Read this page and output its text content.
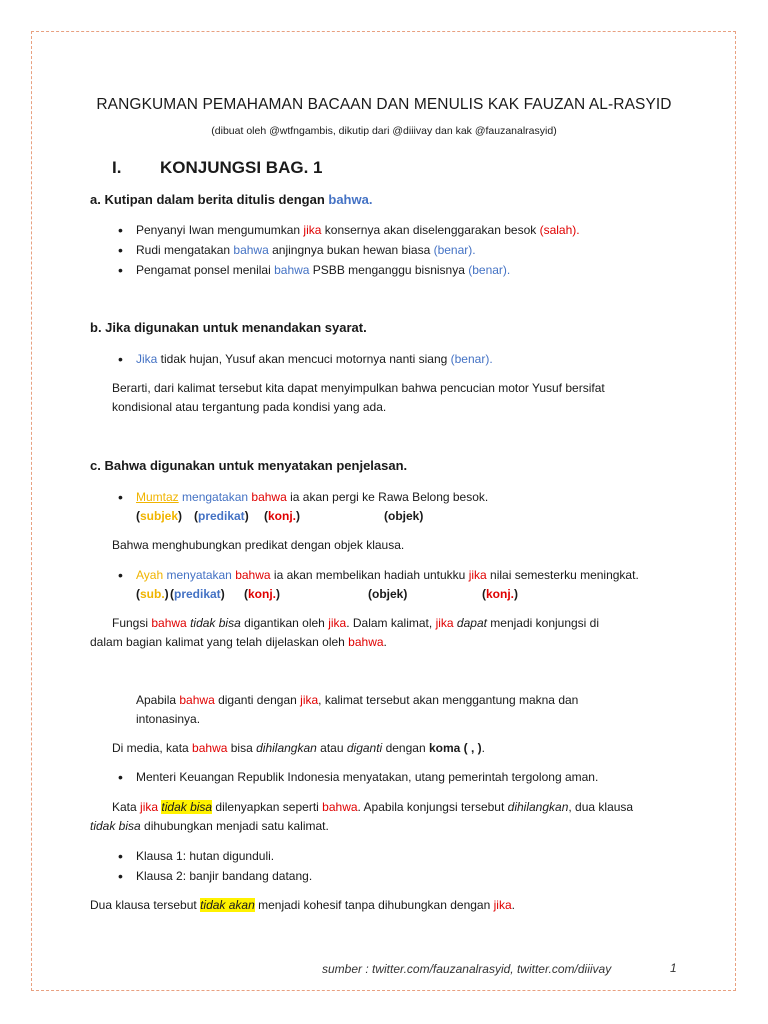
RANGKUMAN PEMAHAMAN BACAAN DAN MENULIS KAK FAUZAN AL-RASYID
(dibuat oleh @wtfngambis, dikutip dari @diiivay dan kak @fauzanalrasyid)
I. KONJUNGSI BAG. 1
a. Kutipan dalam berita ditulis dengan bahwa.
• Penyanyi Iwan mengumumkan jika konsernya akan diselenggarakan besok (salah).
• Rudi mengatakan bahwa anjingnya bukan hewan biasa (benar).
• Pengamat ponsel menilai bahwa PSBB menganggu bisnisnya (benar).
b. Jika digunakan untuk menandakan syarat.
• Jika tidak hujan, Yusuf akan mencuci motornya nanti siang (benar).
Berarti, dari kalimat tersebut kita dapat menyimpulkan bahwa pencucian motor Yusuf bersifat
kondisional atau tergantung pada kondisi yang ada.
c. Bahwa digunakan untuk menyatakan penjelasan.
• Mumtaz mengatakan bahwa ia akan pergi ke Rawa Belong besok.
(subjek) (predikat) (konj.)	(objek)
Bahwa menghubungkan predikat dengan objek klausa.
• Ayah menyatakan bahwa ia akan membelikan hadiah untukku jika nilai semesterku meningkat.
(sub.) (predikat) (konj.)	(objek)	(konj.)
Fungsi bahwa tidak bisa digantikan oleh jika. Dalam kalimat, jika dapat menjadi konjungsi di
dalam bagian kalimat yang telah dijelaskan oleh bahwa.
Apabila bahwa diganti dengan jika, kalimat tersebut akan menggantung makna dan
intonasinya.
Di media, kata bahwa bisa dihilangkan atau diganti dengan koma ( , ).
• Menteri Keuangan Republik Indonesia menyatakan, utang pemerintah tergolong aman.
Kata jika tidak bisa dilenyapkan seperti bahwa. Apabila konjungsi tersebut dihilangkan, dua klausa
tidak bisa dihubungkan menjadi satu kalimat.
• Klausa 1: hutan digunduli.
• Klausa 2: banjir bandang datang.
Dua klausa tersebut tidak akan menjadi kohesif tanpa dihubungkan dengan jika.
sumber : twitter.com/fauzanalrasyid, twitter.com/diiivay	1
